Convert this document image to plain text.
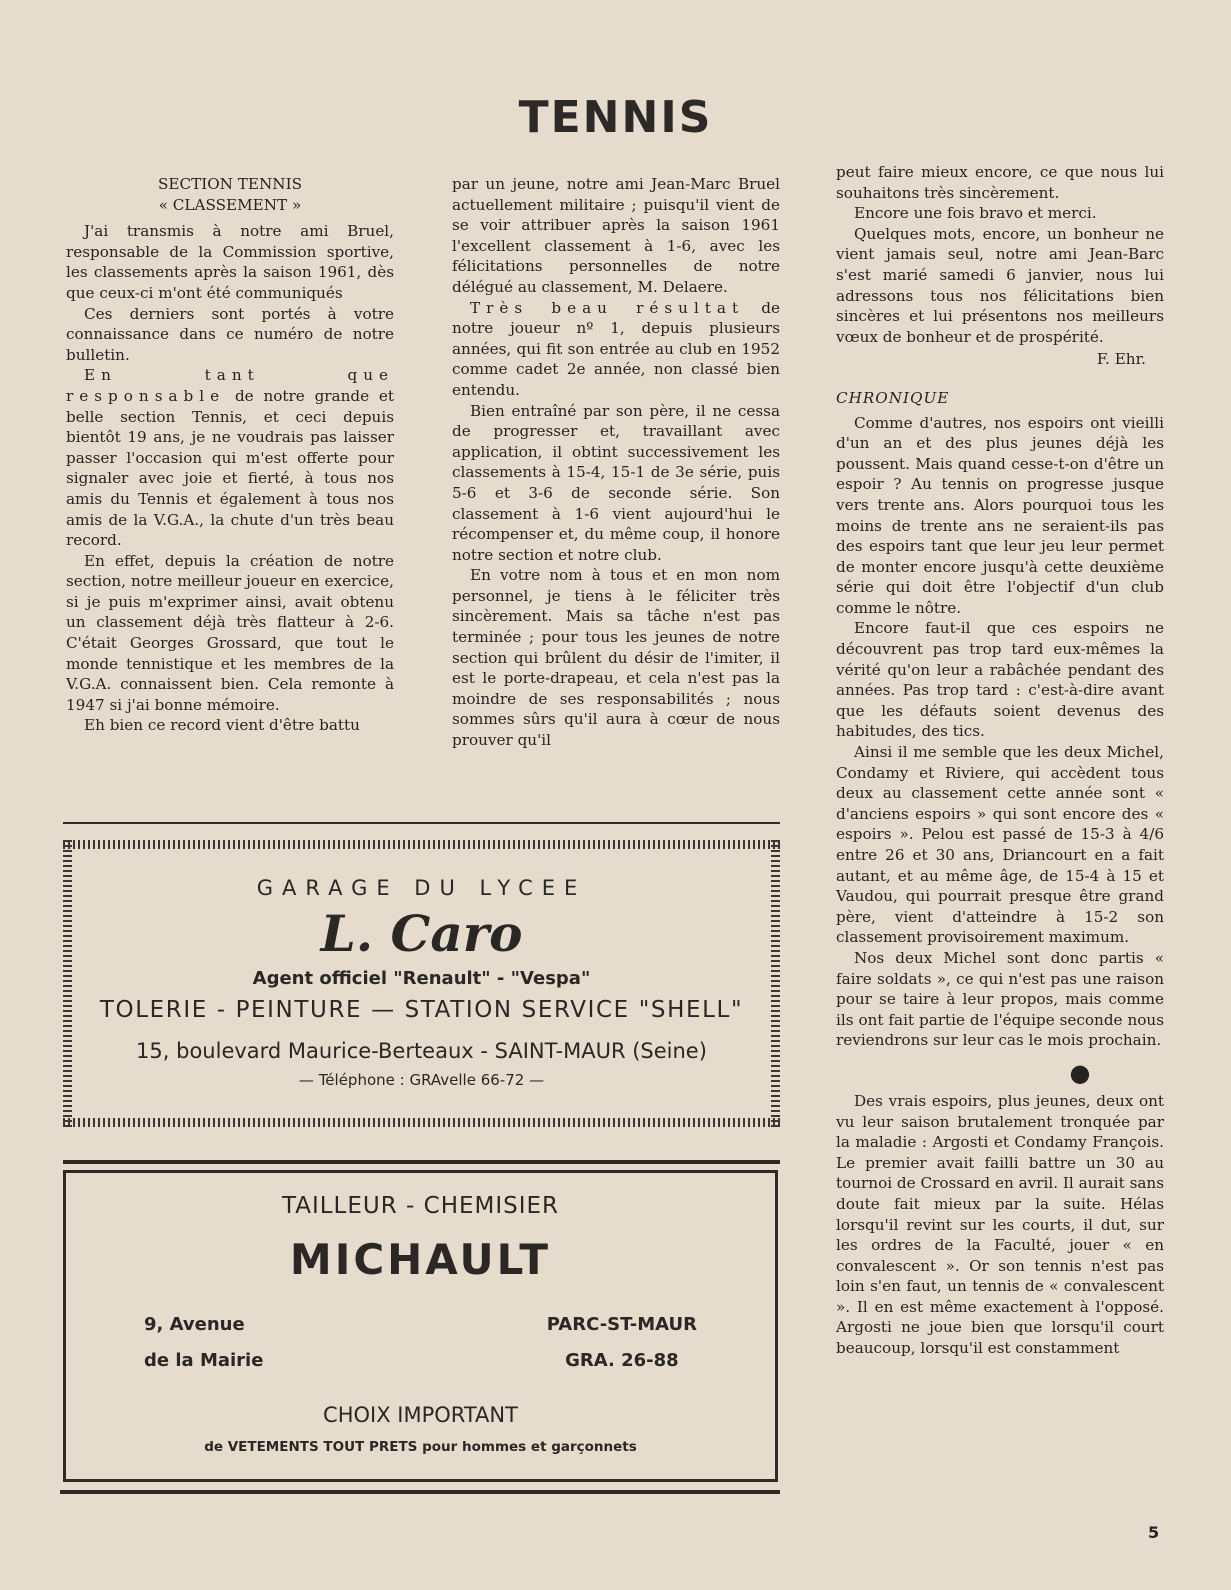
TENNIS

SECTION TENNIS

« CLASSEMENT »

J'ai transmis à notre ami Bruel, responsable de la Commission sportive, les classements après la saison 1961, dès que ceux-ci m'ont été communiqués

Ces derniers sont portés à votre connaissance dans ce numéro de notre bulletin.

En tant que responsable de notre grande et belle section Tennis, et ceci depuis bientôt 19 ans, je ne voudrais pas laisser passer l'occasion qui m'est offerte pour signaler avec joie et fierté, à tous nos amis du Tennis et également à tous nos amis de la V.G.A., la chute d'un très beau record.

En effet, depuis la création de notre section, notre meilleur joueur en exercice, si je puis m'exprimer ainsi, avait obtenu un classement déjà très flatteur à 2-6. C'était Georges Grossard, que tout le monde tennistique et les membres de la V.G.A. connaissent bien. Cela remonte à 1947 si j'ai bonne mémoire.

Eh bien ce record vient d'être battu

par un jeune, notre ami Jean-Marc Bruel actuellement militaire ; puisqu'il vient de se voir attribuer après la saison 1961 l'excellent classement à 1-6, avec les félicitations personnelles de notre délégué au classement, M. Delaere.

Très beau résultat de notre joueur nº 1, depuis plusieurs années, qui fit son entrée au club en 1952 comme cadet 2e année, non classé bien entendu.

Bien entraîné par son père, il ne cessa de progresser et, travaillant avec application, il obtint successivement les classements à 15-4, 15-1 de 3e série, puis 5-6 et 3-6 de seconde série. Son classement à 1-6 vient aujourd'hui le récompenser et, du même coup, il honore notre section et notre club.

En votre nom à tous et en mon nom personnel, je tiens à le féliciter très sincèrement. Mais sa tâche n'est pas terminée ; pour tous les jeunes de notre section qui brûlent du désir de l'imiter, il est le porte-drapeau, et cela n'est pas la moindre de ses responsabilités ; nous sommes sûrs qu'il aura à cœur de nous prouver qu'il

peut faire mieux encore, ce que nous lui souhaitons très sincèrement.

Encore une fois bravo et merci.

Quelques mots, encore, un bonheur ne vient jamais seul, notre ami Jean-Barc s'est marié samedi 6 janvier, nous lui adressons tous nos félicitations bien sincères et lui présentons nos meilleurs vœux de bonheur et de prospérité.

F. Ehr.

CHRONIQUE

Comme d'autres, nos espoirs ont vieilli d'un an et des plus jeunes déjà les poussent. Mais quand cesse-t-on d'être un espoir ? Au tennis on progresse jusque vers trente ans. Alors pourquoi tous les moins de trente ans ne seraient-ils pas des espoirs tant que leur jeu leur permet de monter encore jusqu'à cette deuxième série qui doit être l'objectif d'un club comme le nôtre.

Encore faut-il que ces espoirs ne découvrent pas trop tard eux-mêmes la vérité qu'on leur a rabâchée pendant des années. Pas trop tard : c'est-à-dire avant que les défauts soient devenus des habitudes, des tics.

Ainsi il me semble que les deux Michel, Condamy et Riviere, qui accèdent tous deux au classement cette année sont « d'anciens espoirs » qui sont encore des « espoirs ». Pelou est passé de 15-3 à 4/6 entre 26 et 30 ans, Driancourt en a fait autant, et au même âge, de 15-4 à 15 et Vaudou, qui pourrait presque être grand père, vient d'atteindre à 15-2 son classement provisoirement maximum.

Nos deux Michel sont donc partis « faire soldats », ce qui n'est pas une raison pour se taire à leur propos, mais comme ils ont fait partie de l'équipe seconde nous reviendrons sur leur cas le mois prochain.

●

Des vrais espoirs, plus jeunes, deux ont vu leur saison brutalement tronquée par la maladie : Argosti et Condamy François. Le premier avait failli battre un 30 au tournoi de Crossard en avril. Il aurait sans doute fait mieux par la suite. Hélas lorsqu'il revint sur les courts, il dut, sur les ordres de la Faculté, jouer « en convalescent ». Or son tennis n'est pas loin s'en faut, un tennis de « convalescent ». Il en est même exactement à l'opposé. Argosti ne joue bien que lorsqu'il court beaucoup, lorsqu'il est constamment

GARAGE DU LYCEE
L. Caro
Agent officiel "Renault" - "Vespa"
TOLERIE - PEINTURE — STATION SERVICE "SHELL"
15, boulevard Maurice-Berteaux - SAINT-MAUR (Seine)
— Téléphone : GRAvelle 66-72 —
TAILLEUR - CHEMISIER
MICHAULT
9, Avenue
de la Mairie
PARC-ST-MAUR
GRA. 26-88
CHOIX IMPORTANT
de VETEMENTS TOUT PRETS pour hommes et garçonnets
5
